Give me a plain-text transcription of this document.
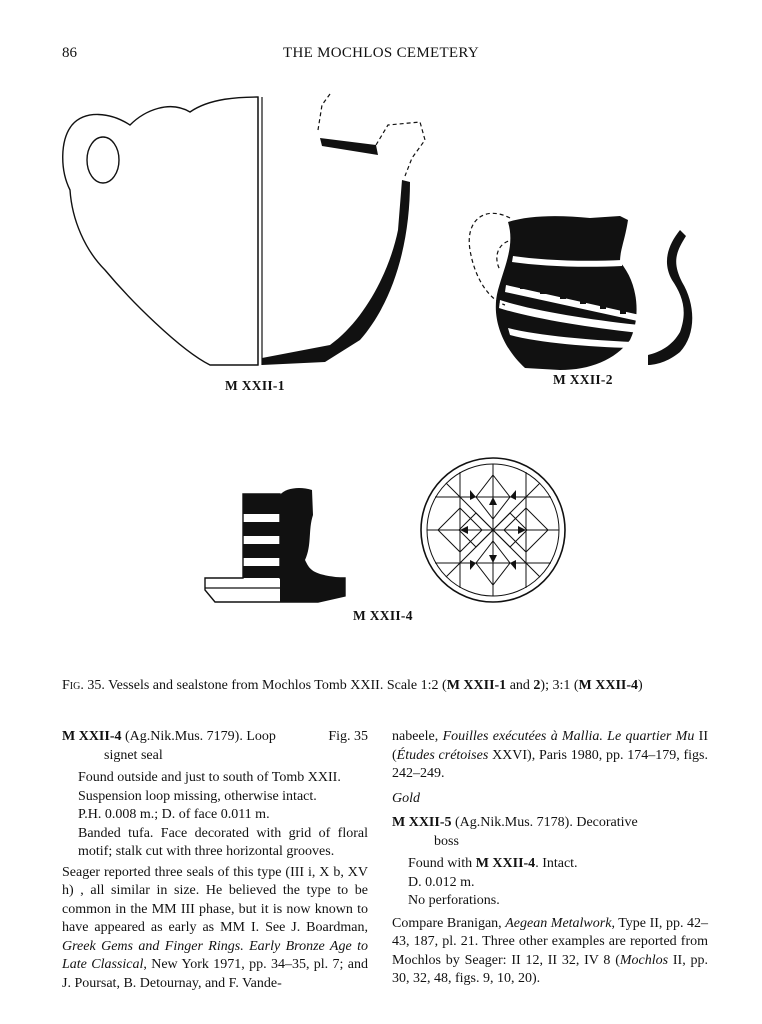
86	THE MOCHLOS CEMETERY
M XXII-1	M XXII-2
M XXII-4
Fig. 35. Vessels and sealstone from Mochlos Tomb XXII. Scale 1:2 (M XXII-1 and 2); 3:1 (M XXII-4)

M XXII-4 (Ag.Nik.Mus. 7179). Loop	Fig. 35

signet seal

Found outside and just to south of Tomb XXII.

Suspension loop missing, otherwise intact.

P.H. 0.008 m.; D. of face 0.011 m.

Banded tufa. Face decorated with grid of floral motif; stalk cut with three horizontal grooves.

Seager reported three seals of this type (III i, X b, XV h) , all similar in size. He believed the type to be common in the MM III phase, but it is now known to have appeared as early as MM I. See J. Boardman, Greek Gems and Finger Rings. Early Bronze Age to Late Classical, New York 1971, pp. 34–35, pl. 7; and J. Poursat, B. Detournay, and F. Vande-

nabeele, Fouilles exécutées à Mallia. Le quartier Mu II (Études crétoises XXVI), Paris 1980, pp. 174–179, figs. 242–249.

Gold

M XXII-5 (Ag.Nik.Mus. 7178). Decorative

boss

Found with M XXII-4. Intact.

D. 0.012 m.

No perforations.

Compare Branigan, Aegean Metalwork, Type II, pp. 42–43, 187, pl. 21. Three other examples are reported from Mochlos by Seager: II 12, II 32, IV 8 (Mochlos II, pp. 30, 32, 48, figs. 9, 10, 20).
